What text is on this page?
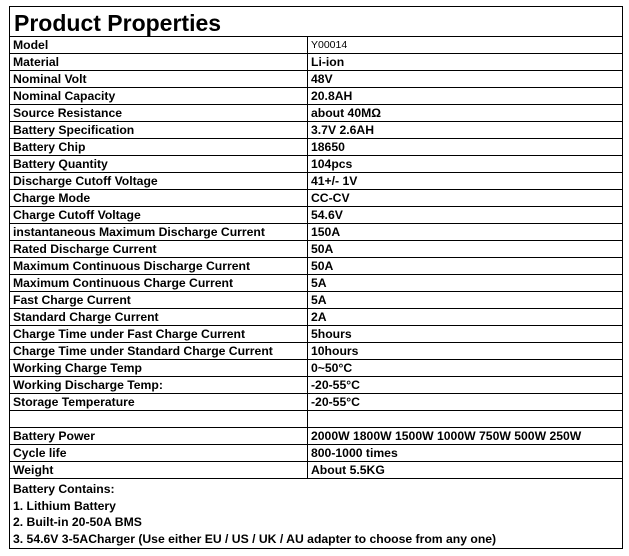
Product Properties
Model	Y00014
Material	Li-ion
Nominal Volt	48V
Nominal Capacity	20.8AH
Source Resistance	about 40MΩ
Battery Specification	3.7V 2.6AH
Battery Chip	18650
Battery Quantity	104pcs
Discharge Cutoff Voltage	41+/- 1V
Charge Mode	CC-CV
Charge Cutoff Voltage	54.6V
instantaneous Maximum Discharge Current	150A
Rated Discharge Current	50A
Maximum Continuous Discharge Current	50A
Maximum Continuous Charge Current	5A
Fast Charge Current	5A
Standard Charge Current	2A
Charge Time under Fast Charge Current	5hours
Charge Time under Standard Charge Current	10hours
Working Charge Temp	0~50°C
Working Discharge Temp:	-20-55°C
Storage Temperature	-20-55°C

Battery Power	2000W 1800W 1500W 1000W 750W 500W 250W
Cycle life	800-1000 times
Weight	About 5.5KG
Battery Contains:
1. Lithium Battery
2. Built-in 20-50A BMS
3. 54.6V 3-5ACharger (Use either EU / US / UK / AU adapter to choose from any one)
